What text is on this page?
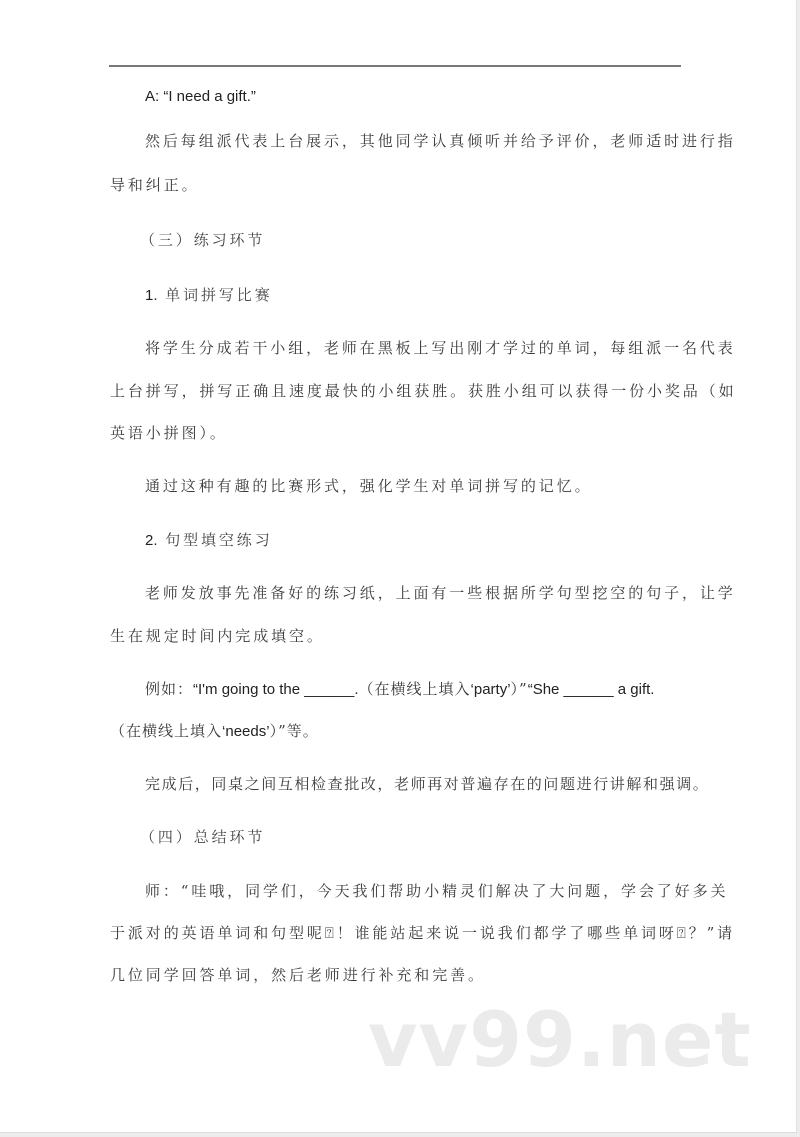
A: “I need a gift.”
然后每组派代表上台展示，其他同学认真倾听并给予评价，老师适时进行指
导和纠正。
（三）练习环节
1. 单词拼写比赛
将学生分成若干小组，老师在黑板上写出刚才学过的单词，每组派一名代表
上台拼写，拼写正确且速度最快的小组获胜。获胜小组可以获得一份小奖品（如
英语小拼图）。
通过这种有趣的比赛形式，强化学生对单词拼写的记忆。
2. 句型填空练习
老师发放事先准备好的练习纸，上面有一些根据所学句型挖空的句子，让学
生在规定时间内完成填空。
例如：“I'm going to the ______.（在横线上填入‘party’）”“She ______ a gift.
（在横线上填入‘needs’）”等。
完成后，同桌之间互相检查批改，老师再对普遍存在的问题进行讲解和强调。
（四）总结环节
师：“哇哦，同学们，今天我们帮助小精灵们解决了大问题，学会了好多关
于派对的英语单词和句型呢⍰！谁能站起来说一说我们都学了哪些单词呀⍰？”请
几位同学回答单词，然后老师进行补充和完善。
vv99.net
